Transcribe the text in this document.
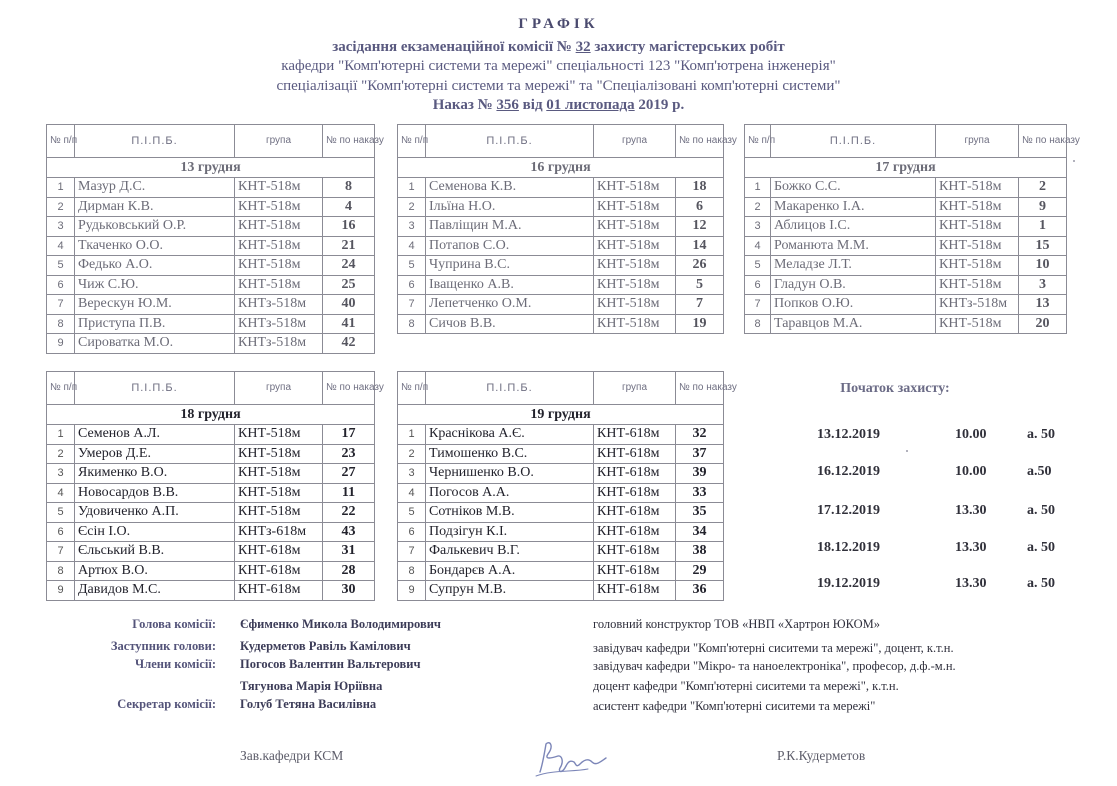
ГРАФІК
засідання екзаменаційної комісії № 32 захисту магістерських робіт
кафедри "Комп'ютерні системи та мережі" спеціальності 123 "Комп'ютрена інженерія"
спеціалізації "Комп'ютерні системи та мережі" та "Спеціалізовані комп'ютерні системи"
Наказ № 356 від 01 листопада 2019 р.
№ п/п	П.І.П.Б.	група	№ по наказу
13 грудня			
1	Мазур Д.С.	КНТ-518м	8
2	Дирман К.В.	КНТ-518м	4
3	Рудьковський О.Р.	КНТ-518м	16
4	Ткаченко О.О.	КНТ-518м	21
5	Федько А.О.	КНТ-518м	24
6	Чиж С.Ю.	КНТ-518м	25
7	Верескун Ю.М.	КНТз-518м	40
8	Приступа П.В.	КНТз-518м	41
9	Сироватка М.О.	КНТз-518м	42
№ п/п	П.І.П.Б.	група	№ по наказу
16 грудня			
1	Семенова К.В.	КНТ-518м	18
2	Ільїна Н.О.	КНТ-518м	6
3	Павліщин М.А.	КНТ-518м	12
4	Потапов С.О.	КНТ-518м	14
5	Чуприна В.С.	КНТ-518м	26
6	Іващенко А.В.	КНТ-518м	5
7	Лепетченко О.М.	КНТ-518м	7
8	Сичов В.В.	КНТ-518м	19
№ п/п	П.І.П.Б.	група	№ по наказу
17 грудня			
1	Божко С.С.	КНТ-518м	2
2	Макаренко І.А.	КНТ-518м	9
3	Аблицов І.С.	КНТ-518м	1
4	Романюта М.М.	КНТ-518м	15
5	Меладзе Л.Т.	КНТ-518м	10
6	Гладун О.В.	КНТ-518м	3
7	Попков О.Ю.	КНТз-518м	13
8	Таравцов М.А.	КНТ-518м	20
№ п/п	П.І.П.Б.	група	№ по наказу
18 грудня			
1	Семенов А.Л.	КНТ-518м	17
2	Умеров Д.Е.	КНТ-518м	23
3	Якименко В.О.	КНТ-518м	27
4	Новосардов В.В.	КНТ-518м	11
5	Удовиченко А.П.	КНТ-518м	22
6	Єсін І.О.	КНТз-618м	43
7	Єльський В.В.	КНТ-618м	31
8	Артюх В.О.	КНТ-618м	28
9	Давидов М.С.	КНТ-618м	30
№ п/п	П.І.П.Б.	група	№ по наказу
19 грудня			
1	Краснікова А.Є.	КНТ-618м	32
2	Тимошенко В.С.	КНТ-618м	37
3	Чернишенко В.О.	КНТ-618м	39
4	Погосов А.А.	КНТ-618м	33
5	Сотніков М.В.	КНТ-618м	35
6	Подзігун К.І.	КНТ-618м	34
7	Фалькевич В.Г.	КНТ-618м	38
8	Бондарєв А.А.	КНТ-618м	29
9	Супрун М.В.	КНТ-618м	36
Початок захисту:
13.12.2019	10.00	а. 50
16.12.2019	10.00	а.50
17.12.2019	13.30	а. 50
18.12.2019	13.30	а. 50
19.12.2019	13.30	а. 50
Голова комісії: Єфименко Микола Володимирович	головний конструктор ТОВ «НВП «Хартрон ЮКОМ»
Заступник голови: Кудерметов Равіль Камілович	завідувач кафедри "Комп'ютерні сиситеми та мережі", доцент, к.т.н.
Члени комісії: Погосов Валентин Вальтерович	завідувач кафедри "Мікро- та наноелектроніка", професор, д.ф.-м.н.
Тягунова Марія Юріївна	доцент кафедри "Комп'ютерні сиситеми та мережі", к.т.н.
Секретар комісії: Голуб Тетяна Василівна	асистент кафедри "Комп'ютерні сиситеми та мережі"
Зав.кафедри КСМ	Р.К.Кудерметов
